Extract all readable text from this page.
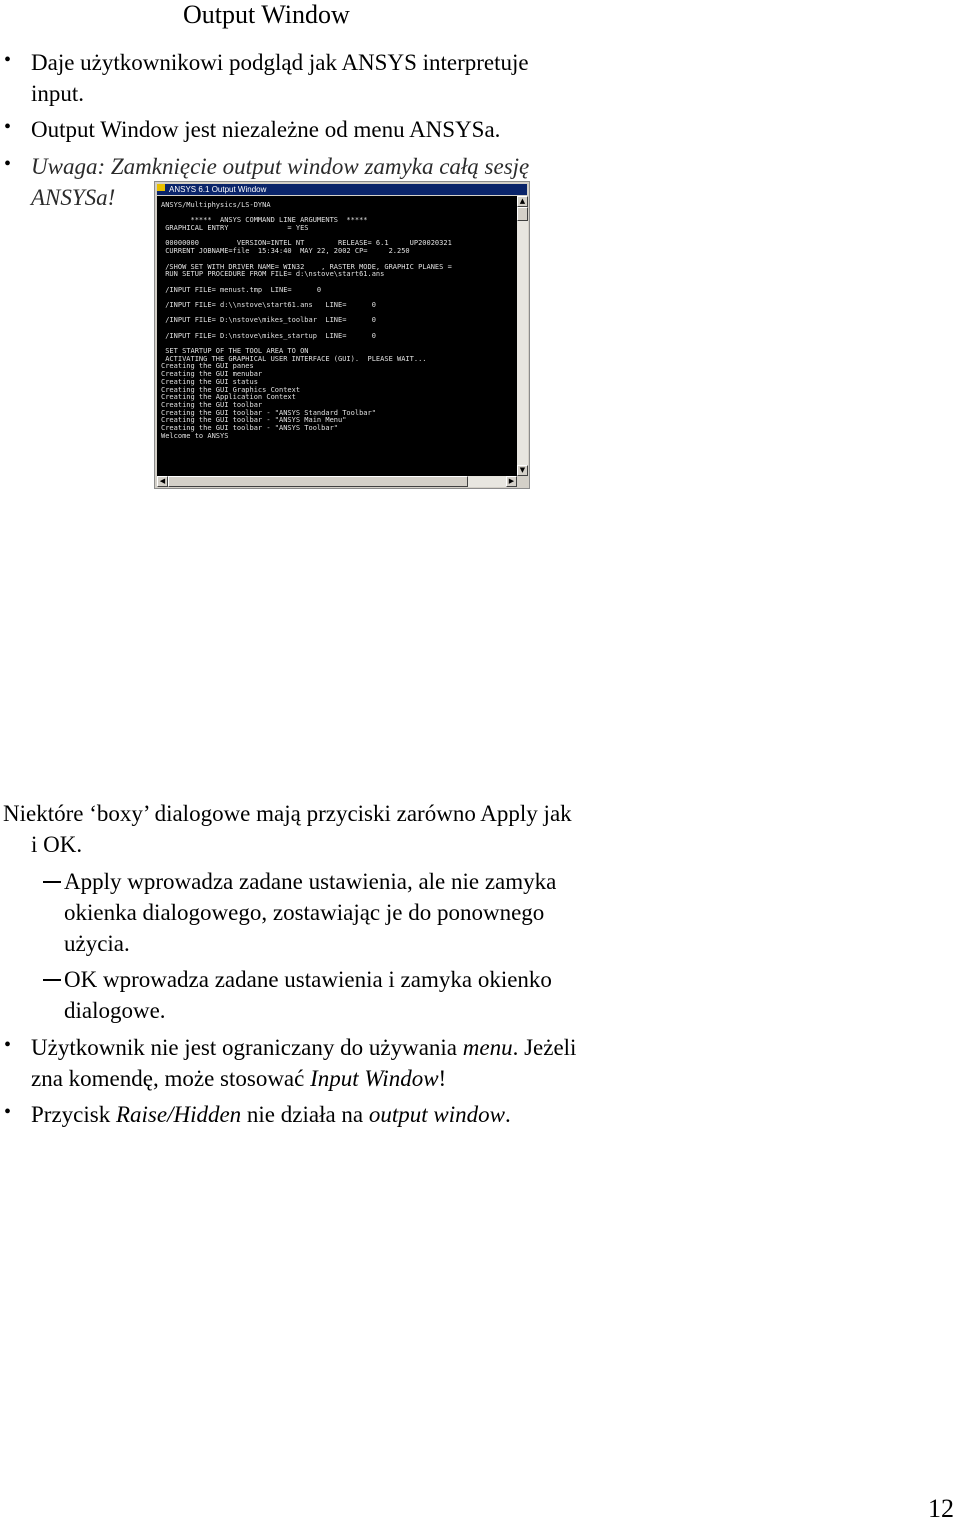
Output Window
• Daje użytkownikowi podgląd jak ANSYS interpretuje
input.
• Output Window jest niezależne od menu ANSYSa.
• Uwaga: Zamknięcie output window zamyka całą sesję
ANSYSa!	ANSYS 6.1 Output Window
ANSYS/Multiphysics/LS-DYNA
*****  ANSYS COMMAND LINE ARGUMENTS  *****
GRAPHICAL ENTRY              = YES
00000000         VERSION=INTEL NT        RELEASE= 6.1     UP20020321
CURRENT JOBNAME=file  15:34:40  MAY 22, 2002 CP=     2.250
/SHOW SET WITH DRIVER NAME= WIN32    , RASTER MODE, GRAPHIC PLANES =
RUN SETUP PROCEDURE FROM FILE= d:\nstove\start61.ans
/INPUT FILE= menust.tmp  LINE=      0
/INPUT FILE= d:\\nstove\start61.ans   LINE=      0
/INPUT FILE= D:\nstove\mikes_toolbar  LINE=      0
/INPUT FILE= D:\nstove\mikes_startup  LINE=      0
SET STARTUP OF THE TOOL AREA TO ON
ACTIVATING THE GRAPHICAL USER INTERFACE (GUI).  PLEASE WAIT...
Creating the GUI panes
Creating the GUI menubar
Creating the GUI status
Creating the GUI Graphics Context
Creating the Application Context
Creating the GUI toolbar
Creating the GUI toolbar - "ANSYS Standard Toolbar"
Creating the GUI toolbar - "ANSYS Main Menu"
Creating the GUI toolbar - "ANSYS Toolbar"
Welcome to ANSYS
▲
▼
◀	▶
Niektóre ‘boxy’ dialogowe mają przyciski zarówno Apply jak
i OK.
Apply wprowadza zadane ustawienia, ale nie zamyka
okienka dialogowego, zostawiając je do ponownego
użycia.
OK wprowadza zadane ustawienia i zamyka okienko
dialogowe.
• Użytkownik nie jest ograniczany do używania menu. Jeżeli
zna komendę, może stosować Input Window!
• Przycisk Raise/Hidden nie działa na output window.
12
